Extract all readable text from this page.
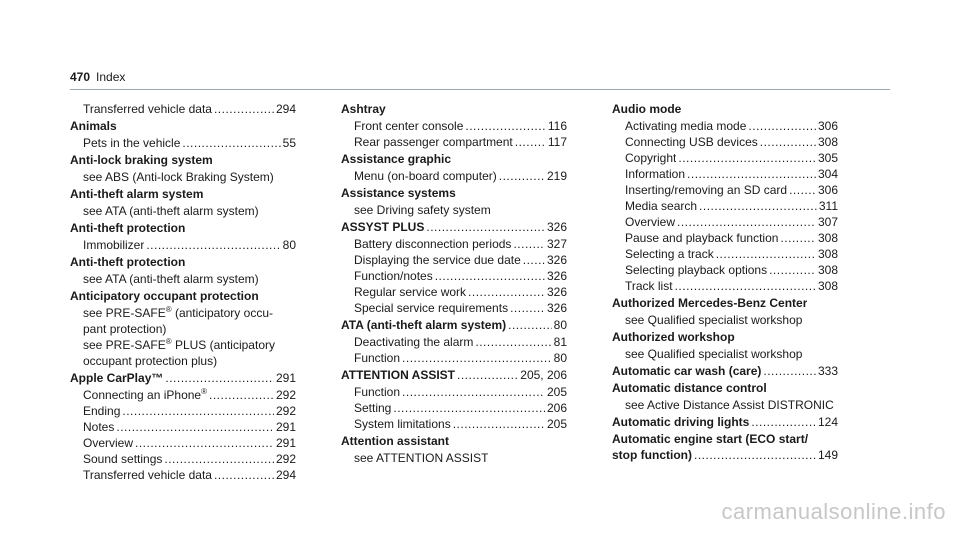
470 Index
Transferred vehicle data .....	294
Animals
Pets in the vehicle .....	55
Anti-lock braking system
see ABS (Anti-lock Braking System)
Anti-theft alarm system
see ATA (anti-theft alarm system)
Anti-theft protection
Immobilizer .....	80
Anti-theft protection
see ATA (anti-theft alarm system)
Anticipatory occupant protection
see PRE-SAFE® (anticipatory occu-
pant protection)
see PRE-SAFE® PLUS (anticipatory
occupant protection plus)
Apple CarPlay™ .....	291
Connecting an iPhone® .....	292
Ending .....	292
Notes .....	291
Overview .....	291
Sound settings .....	292
Transferred vehicle data .....	294
Ashtray
Front center console .....	116
Rear passenger compartment .....	117
Assistance graphic
Menu (on-board computer) .....	219
Assistance systems
see Driving safety system
ASSYST PLUS .....	326
Battery disconnection periods .....	327
Displaying the service due date ..... 326
Function/notes .....	326
Regular service work .....	326
Special service requirements .....	326
ATA (anti-theft alarm system) .....	80
Deactivating the alarm .....	81
Function .....	80
ATTENTION ASSIST .....	205, 206
Function .....	205
Setting .....	206
System limitations .....	205
Attention assistant
see ATTENTION ASSIST
Audio mode
Activating media mode .....	306
Connecting USB devices .....	308
Copyright .....	305
Information .....	304
Inserting/removing an SD card .....	306
Media search .....	311
Overview .....	307
Pause and playback function .....	308
Selecting a track .....	308
Selecting playback options .....	308
Track list .....	308
Authorized Mercedes-Benz Center
see Qualified specialist workshop
Authorized workshop
see Qualified specialist workshop
Automatic car wash (care) .....	333
Automatic distance control
see Active Distance Assist DISTRONIC
Automatic driving lights .....	124
Automatic engine start (ECO start/
stop function) .....	149
carmanualsonline.info
